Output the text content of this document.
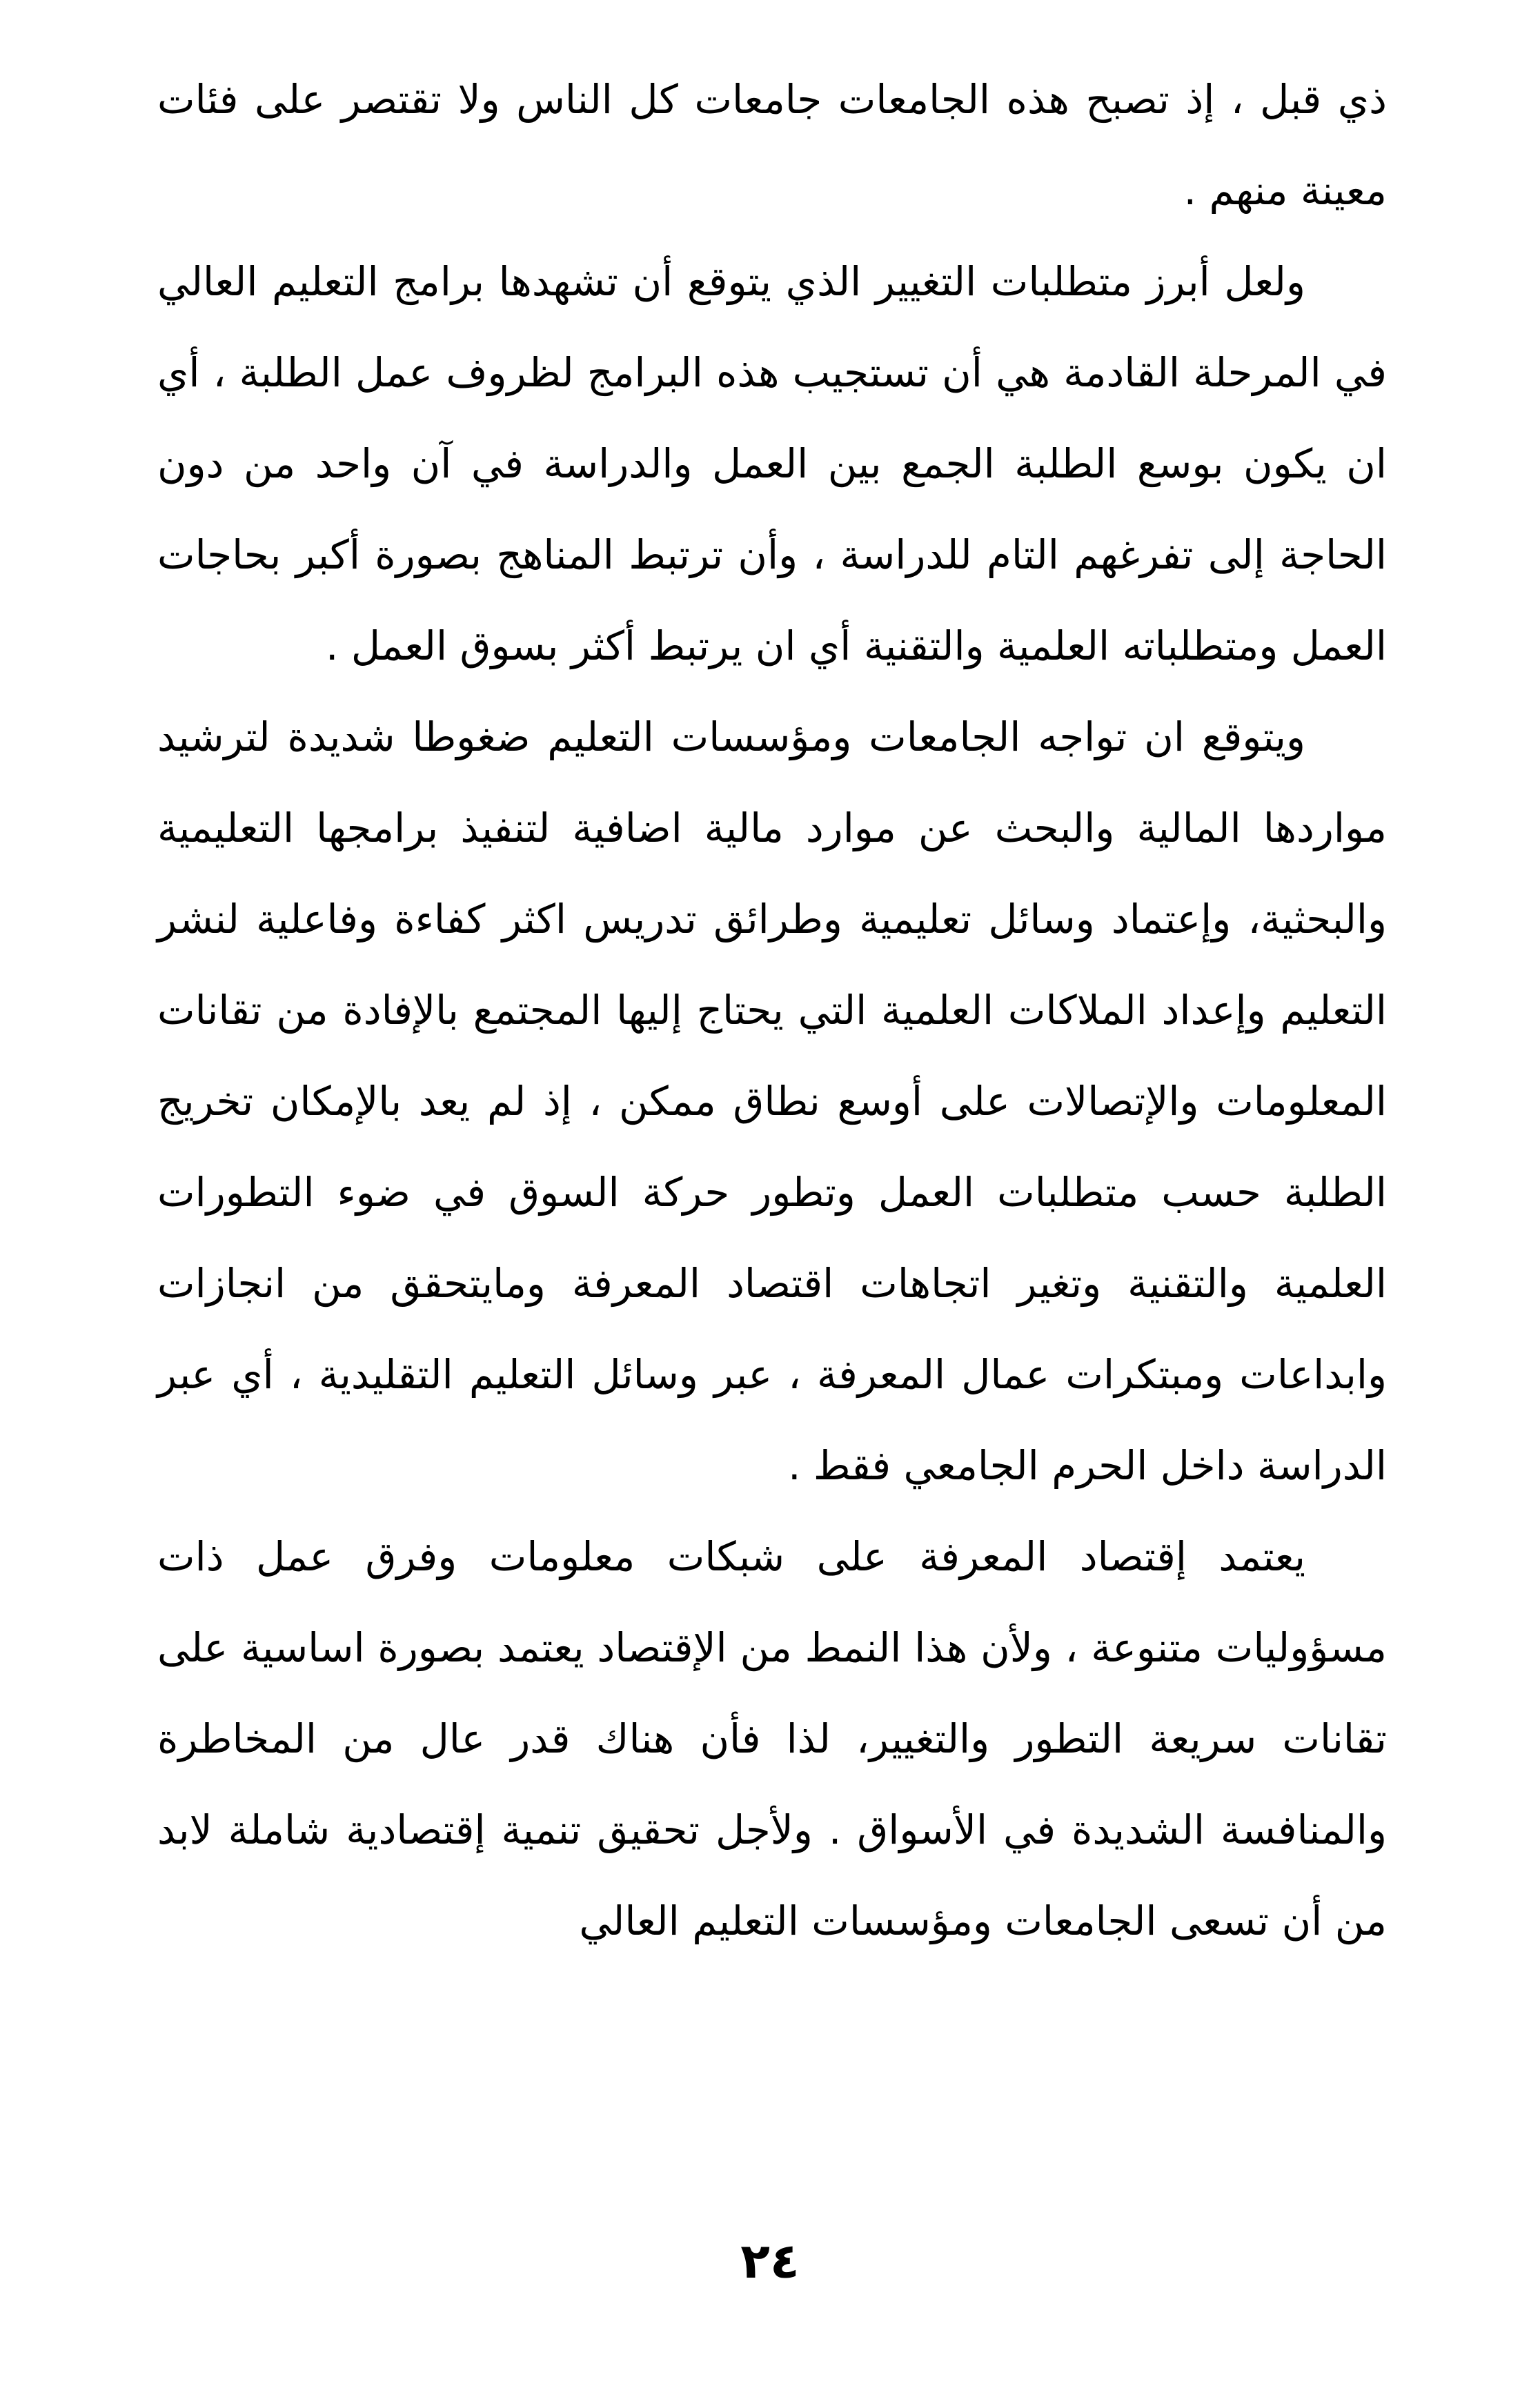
ذي قبل ، إذ تصبح هذه الجامعات جامعات كل الناس ولا تقتصر على فئات معينة منهم .

ولعل أبرز متطلبات التغيير الذي يتوقع أن تشهدها برامج التعليم العالي في المرحلة القادمة هي أن تستجيب هذه البرامج لظروف عمل الطلبة ، أي ان يكون بوسع الطلبة الجمع بين العمل والدراسة في آن واحد من دون الحاجة إلى تفرغهم التام للدراسة ، وأن ترتبط المناهج بصورة أكبر بحاجات العمل ومتطلباته العلمية والتقنية أي ان يرتبط أكثر بسوق العمل .

ويتوقع ان تواجه الجامعات ومؤسسات التعليم ضغوطا شديدة لترشيد مواردها المالية والبحث عن موارد مالية اضافية لتنفيذ برامجها التعليمية والبحثية، وإعتماد وسائل تعليمية وطرائق تدريس اكثر كفاءة وفاعلية لنشر التعليم وإعداد الملاكات العلمية التي يحتاج إليها المجتمع بالإفادة من تقانات المعلومات والإتصالات على أوسع نطاق ممكن ، إذ لم يعد بالإمكان تخريج الطلبة حسب متطلبات العمل وتطور حركة السوق في ضوء التطورات العلمية والتقنية وتغير اتجاهات اقتصاد المعرفة ومايتحقق من انجازات وابداعات ومبتكرات عمال المعرفة ، عبر وسائل التعليم التقليدية ، أي عبر الدراسة داخل الحرم الجامعي فقط .

يعتمد إقتصاد المعرفة على شبكات معلومات وفرق عمل ذات مسؤوليات متنوعة ، ولأن هذا النمط من الإقتصاد يعتمد بصورة اساسية على تقانات سريعة التطور والتغيير، لذا فأن هناك قدر عال من المخاطرة والمنافسة الشديدة في الأسواق . ولأجل تحقيق تنمية إقتصادية شاملة لابد من أن تسعى الجامعات ومؤسسات التعليم العالي

٢٤
